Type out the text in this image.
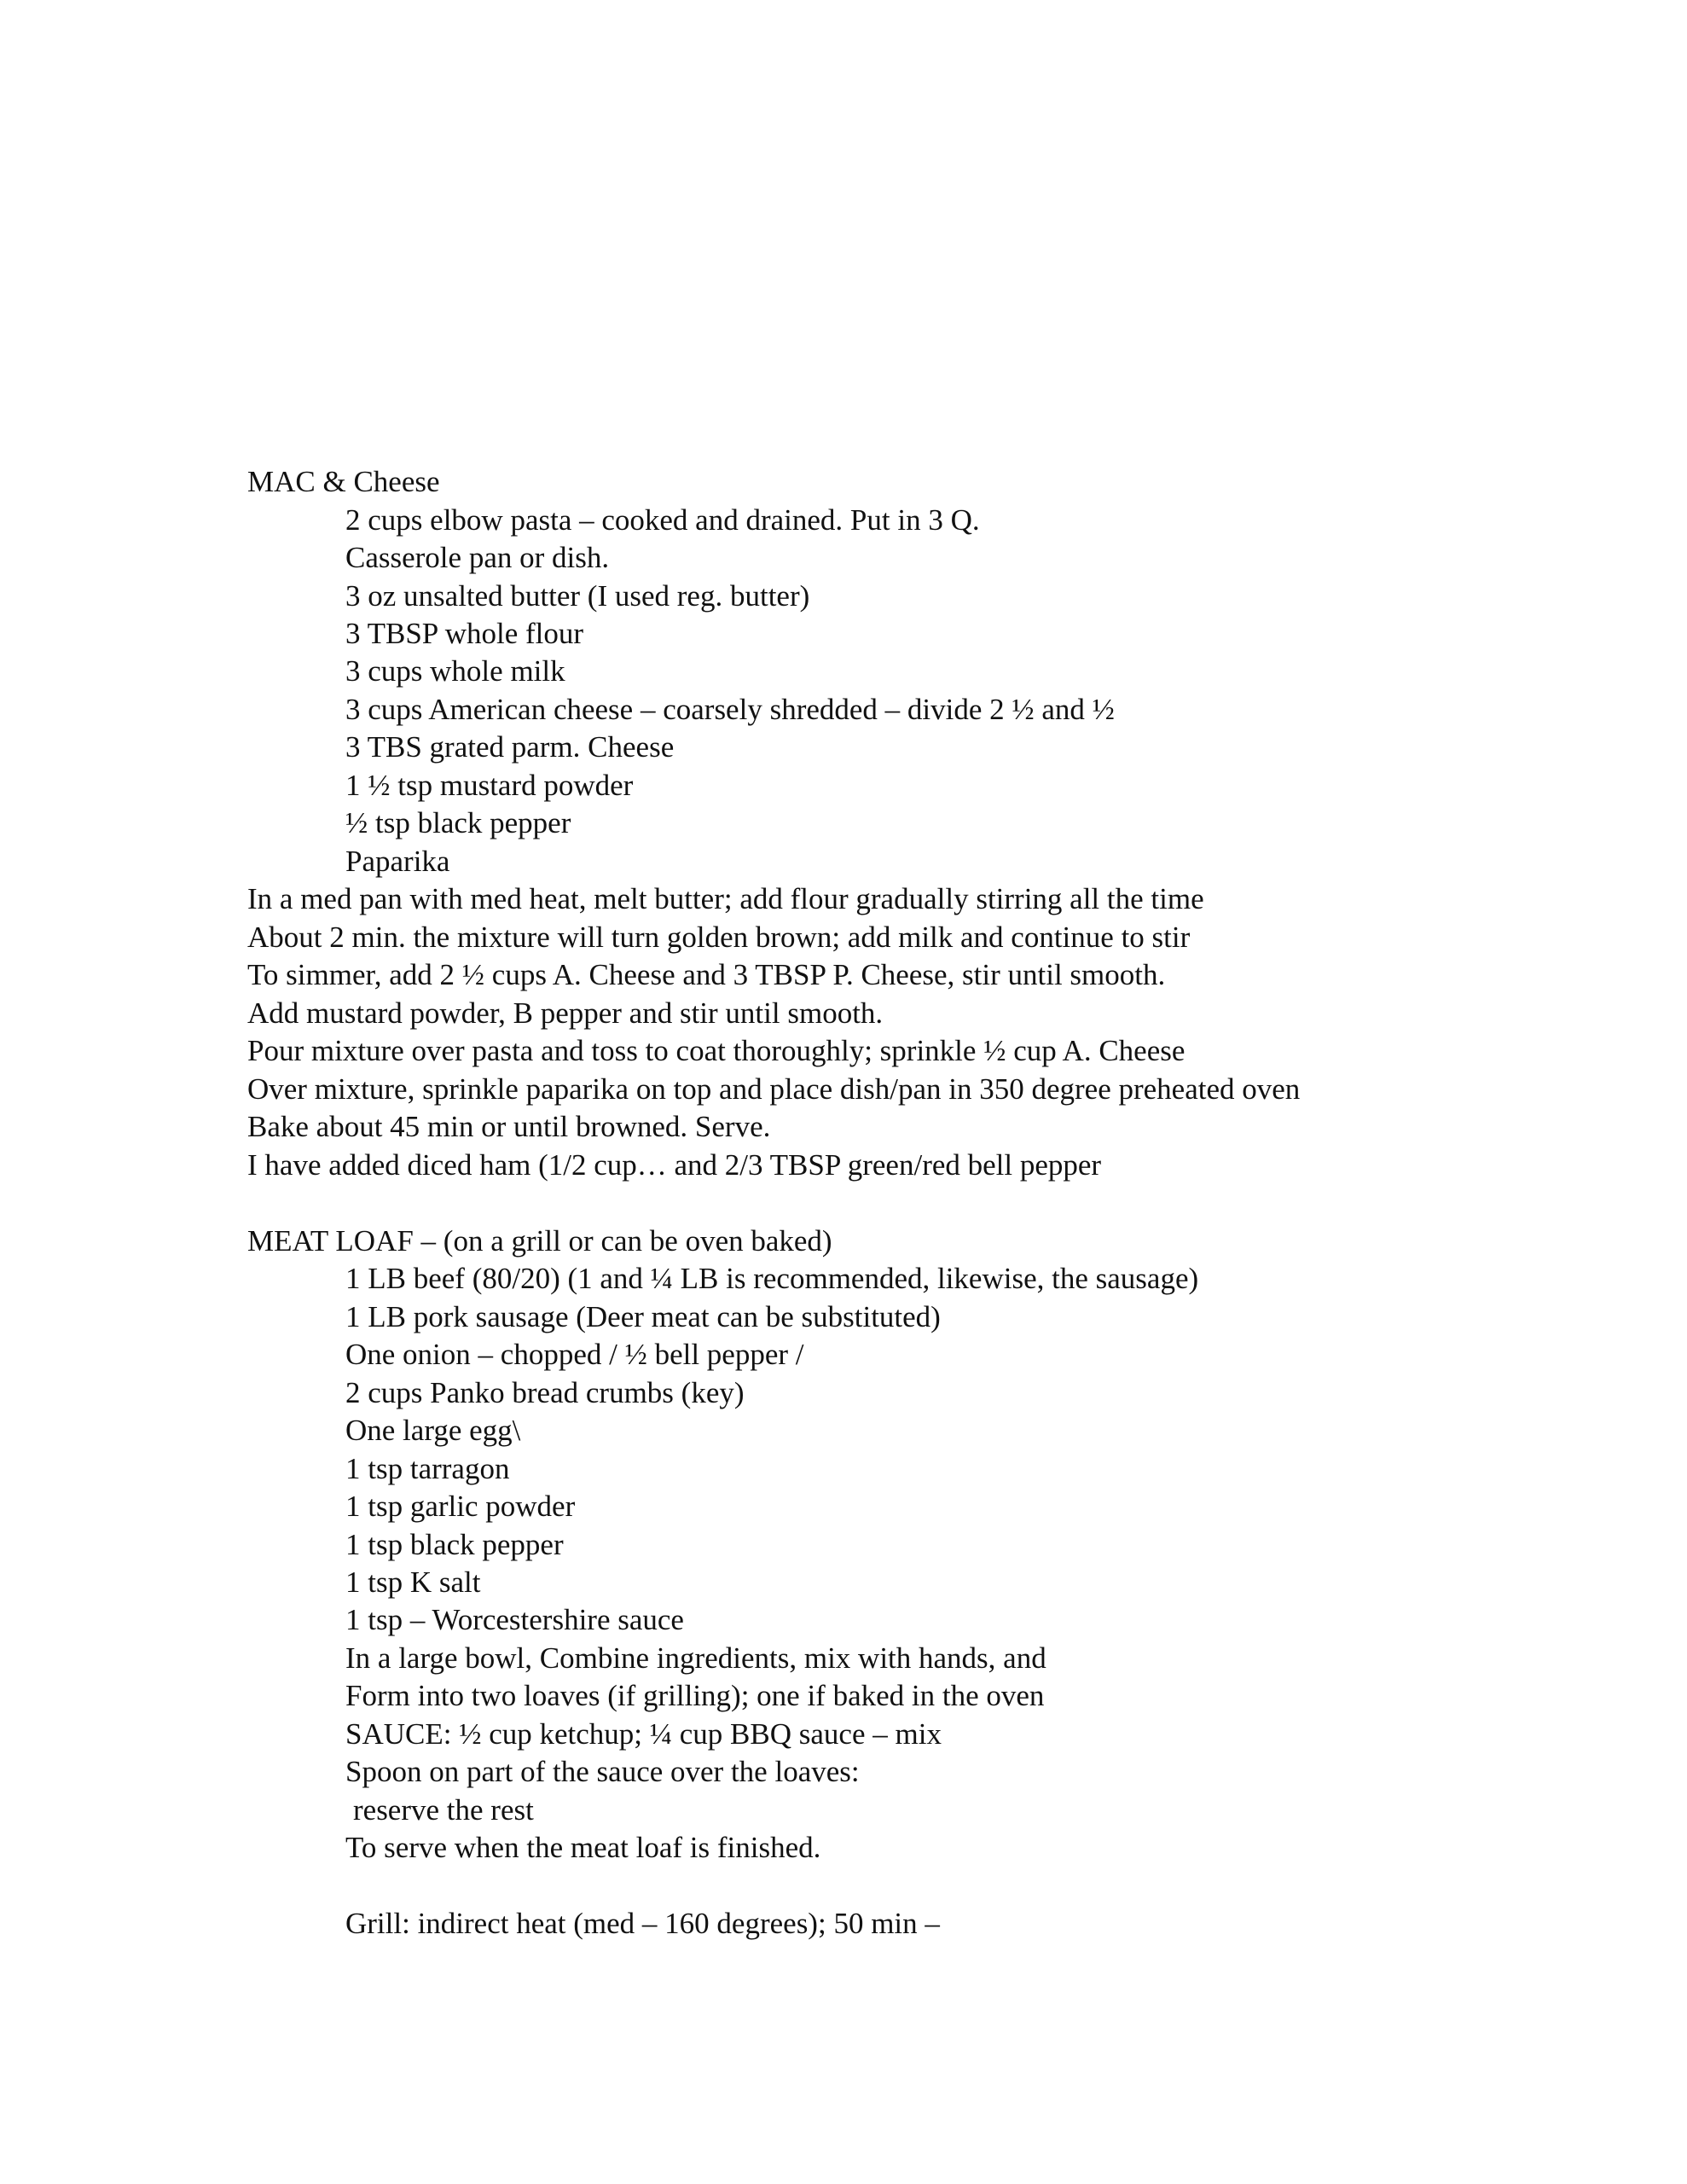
MAC & Cheese
2 cups elbow pasta – cooked and drained. Put in 3 Q.
Casserole pan or dish.
3 oz unsalted butter (I used reg. butter)
3 TBSP whole flour
3 cups whole milk
3 cups American cheese – coarsely shredded – divide 2 ½ and ½
3 TBS grated parm. Cheese
1 ½ tsp mustard powder
½ tsp black pepper
Paparika
In a med pan with med heat, melt butter; add flour gradually stirring all the time
About 2 min. the mixture will turn golden brown; add milk and continue to stir
To simmer, add 2 ½ cups A. Cheese and 3 TBSP P. Cheese, stir until smooth.
Add mustard powder, B pepper and stir until smooth.
Pour mixture over pasta and toss to coat thoroughly; sprinkle ½ cup A. Cheese
Over mixture, sprinkle paparika on top and place dish/pan in 350 degree preheated oven
Bake about 45 min or until browned. Serve.
I have added diced ham (1/2 cup… and 2/3 TBSP green/red bell pepper
MEAT LOAF – (on a grill or can be oven baked)
1 LB beef (80/20) (1 and ¼ LB is recommended, likewise, the sausage)
1 LB pork sausage (Deer meat can be substituted)
One onion – chopped / ½ bell pepper /
2 cups Panko bread crumbs (key)
One large egg\
1 tsp tarragon
1 tsp garlic powder
1 tsp black pepper
1 tsp K salt
1 tsp – Worcestershire sauce
In a large bowl, Combine ingredients, mix with hands, and
Form into two loaves (if grilling); one if baked in the oven
SAUCE: ½ cup ketchup; ¼ cup BBQ sauce – mix
Spoon on part of the sauce over the loaves:
reserve the rest
To serve when the meat loaf is finished.
Grill: indirect heat (med – 160 degrees); 50 min –
